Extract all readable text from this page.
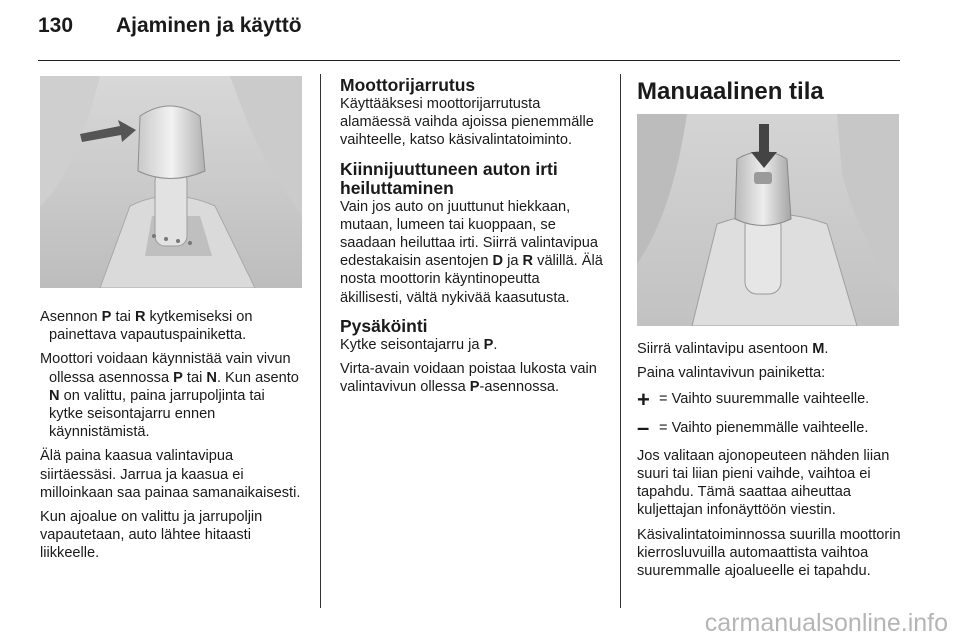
130	Ajaminen ja käyttö

Asennon P tai R kytkemiseksi on painettava vapautuspainiketta.

Moottori voidaan käynnistää vain vivun ollessa asennossa P tai N. Kun asento N on valittu, paina jarrupoljinta tai kytke seisontajarru ennen käynnistämistä.

Älä paina kaasua valintavipua siirtäessäsi. Jarrua ja kaasua ei milloinkaan saa painaa samanaikaisesti.

Kun ajoalue on valittu ja jarrupoljin vapautetaan, auto lähtee hitaasti liikkeelle.

Moottorijarrutus

Käyttääksesi moottorijarrutusta alamäessä vaihda ajoissa pienemmälle vaihteelle, katso käsivalintatoiminto.

Kiinnijuuttuneen auton irti heiluttaminen

Vain jos auto on juuttunut hiekkaan, mutaan, lumeen tai kuoppaan, se saadaan heiluttaa irti. Siirrä valintavipua edestakaisin asentojen D ja R välillä. Älä nosta moottorin käyntinopeutta äkillisesti, vältä nykivää kaasutusta.

Pysäköinti

Kytke seisontajarru ja P.

Virta-avain voidaan poistaa lukosta vain valintavivun ollessa P-asennossa.

Manuaalinen tila

Siirrä valintavipu asentoon M.

Paina valintavivun painiketta:

+ = Vaihto suuremmalle vaihteelle.
– = Vaihto pienemmälle vaihteelle.

Jos valitaan ajonopeuteen nähden liian suuri tai liian pieni vaihde, vaihtoa ei tapahdu. Tämä saattaa aiheuttaa kuljettajan infonäyttöön viestin.

Käsivalintatoiminnossa suurilla moottorin kierrosluvuilla automaattista vaihtoa suuremmalle ajoalueelle ei tapahdu.

carmanualsonline.info
